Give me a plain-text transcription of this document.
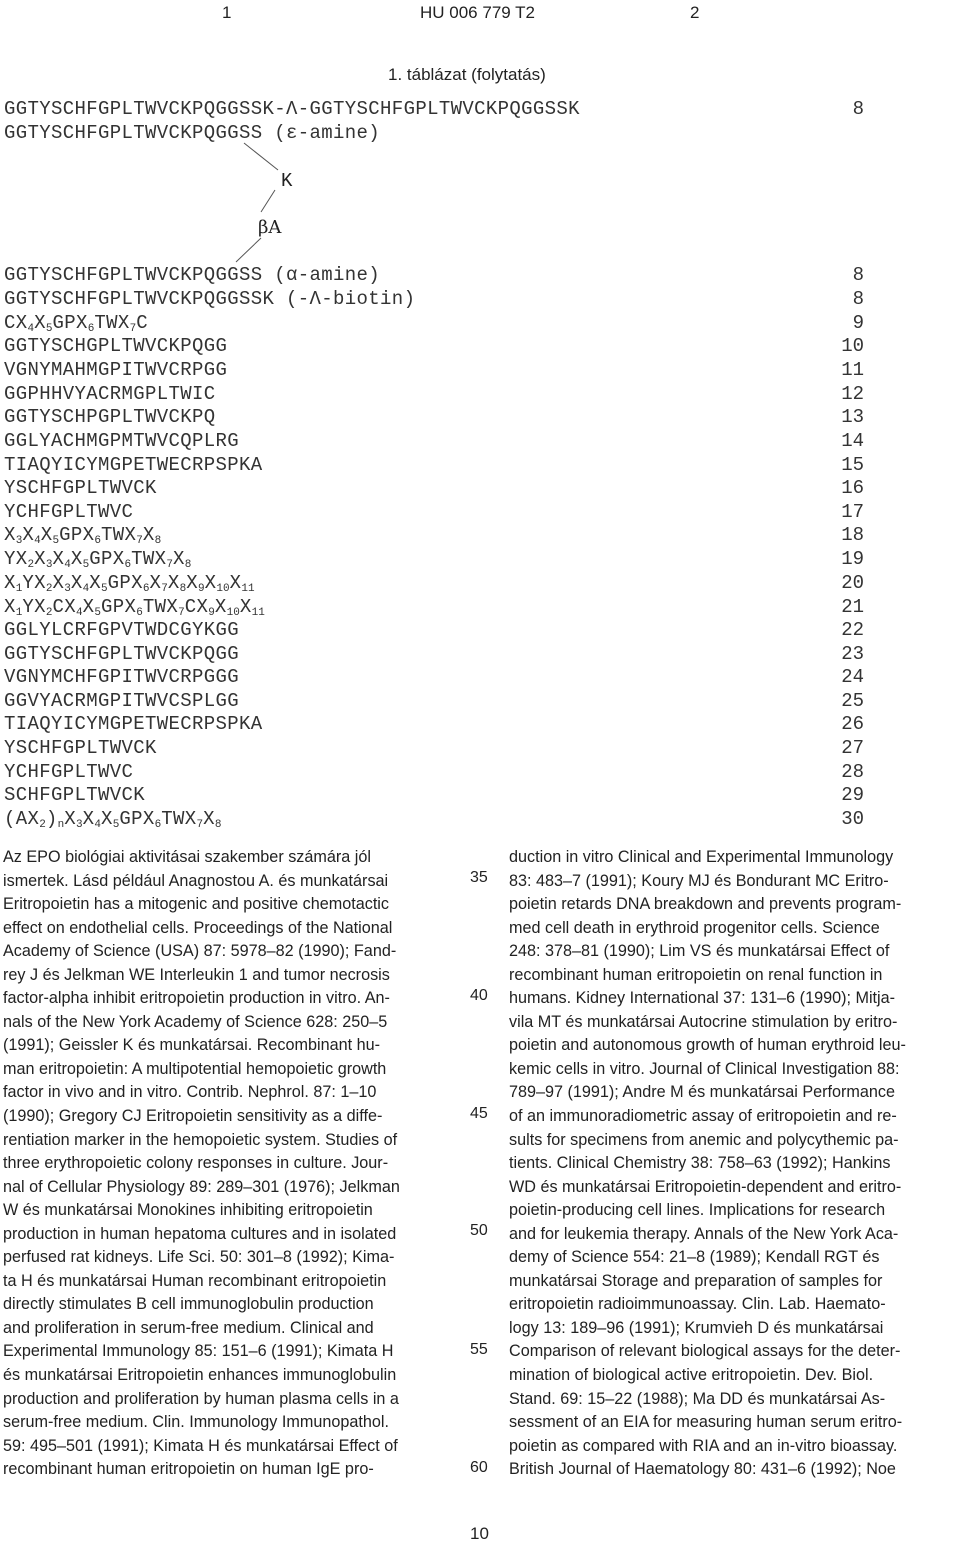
1	HU 006 779 T2	2
1. táblázat (folytatás)
GGTYSCHFGPLTWVCKPQGGSSK-Λ-GGTYSCHFGPLTWVCKPQGGSSK	8
GGTYSCHFGPLTWVCKPQGGSS (ε-amine)
K
βA
GGTYSCHFGPLTWVCKPQGGSS (α-amine)	8
GGTYSCHFGPLTWVCKPQGGSSK (-Λ-biotin)	8
$CX_4X_5GPX_6TWX_7C$	9
GGTYSCHGPLTWVCKPQGG	10
VGNYMAHMGPITWVCRPGG	11
GGPHHVYACRMGPLTWIC	12
GGTYSCHPGPLTWVCKPQ	13
GGLYACHMGPMTWVCQPLRG	14
TIAQYICYMGPETWECRPSPKA	15
YSCHFGPLTWVCK	16
YCHFGPLTWVC	17
$X_3X_4X_5GPX_6TWX_7X_8$	18
$YX_2X_3X_4X_5GPX_6TWX_7X_8$	19
$X_1YX_2X_3X_4X_5GPX_6X_7X_8X_9X_{10}X_{11}$	20
$X_1YX_2CX_4X_5GPX_6TWX_7CX_9X_{10}X_{11}$	21
GGLYLCRFGPVTWDCGYKGG	22
GGTYSCHFGPLTWVCKPQGG	23
VGNYMCHFGPITWVCRPGGG	24
GGVYACRMGPITWVCSPLGG	25
TIAQYICYMGPETWECRPSPKA	26
YSCHFGPLTWVCK	27
YCHFGPLTWVC	28
SCHFGPLTWVCK	29
$(AX_2)_nX_3X_4X_5GPX_6TWX_7X_8$	30

Az EPO biológiai aktivitásai szakember számára jól

ismertek. Lásd például Anagnostou A. és munkatársai

Eritropoietin has a mitogenic and positive chemotactic

effect on endothelial cells. Proceedings of the National

Academy of Science (USA) 87: 5978–82 (1990); Fand-

rey J és Jelkman WE Interleukin 1 and tumor necrosis

factor-alpha inhibit eritropoietin production in vitro. An-

nals of the New York Academy of Science 628: 250–5

(1991); Geissler K és munkatársai. Recombinant hu-

man eritropoietin: A multipotential hemopoietic growth

factor in vivo and in vitro. Contrib. Nephrol. 87: 1–10

(1990); Gregory CJ Eritropoietin sensitivity as a diffe-

rentiation marker in the hemopoietic system. Studies of

three erythropoietic colony responses in culture. Jour-

nal of Cellular Physiology 89: 289–301 (1976); Jelkman

W és munkatársai Monokines inhibiting eritropoietin

production in human hepatoma cultures and in isolated

perfused rat kidneys. Life Sci. 50: 301–8 (1992); Kima-

ta H és munkatársai Human recombinant eritropoietin

directly stimulates B cell immunoglobulin production

and proliferation in serum-free medium. Clinical and

Experimental Immunology 85: 151–6 (1991); Kimata H

és munkatársai Eritropoietin enhances immunoglobulin

production and proliferation by human plasma cells in a

serum-free medium. Clin. Immunology Immunopathol.

59: 495–501 (1991); Kimata H és munkatársai Effect of

recombinant human eritropoietin on human IgE pro-

duction in vitro Clinical and Experimental Immunology

83: 483–7 (1991); Koury MJ és Bondurant MC Eritro-

poietin retards DNA breakdown and prevents program-

med cell death in erythroid progenitor cells. Science

248: 378–81 (1990); Lim VS és munkatársai Effect of

recombinant human eritropoietin on renal function in

humans. Kidney International 37: 131–6 (1990); Mitja-

vila MT és munkatársai Autocrine stimulation by eritro-

poietin and autonomous growth of human erythroid leu-

kemic cells in vitro. Journal of Clinical Investigation 88:

789–97 (1991); Andre M és munkatársai Performance

of an immunoradiometric assay of eritropoietin and re-

sults for specimens from anemic and polycythemic pa-

tients. Clinical Chemistry 38: 758–63 (1992); Hankins

WD és munkatársai Eritropoietin-dependent and eritro-

poietin-producing cell lines. Implications for research

and for leukemia therapy. Annals of the New York Aca-

demy of Science 554: 21–8 (1989); Kendall RGT és

munkatársai Storage and preparation of samples for

eritropoietin radioimmunoassay. Clin. Lab. Haemato-

logy 13: 189–96 (1991); Krumvieh D és munkatársai

Comparison of relevant biological assays for the deter-

mination of biological active eritropoietin. Dev. Biol.

Stand. 69: 15–22 (1988); Ma DD és munkatársai As-

sessment of an EIA for measuring human serum eritro-

poietin as compared with RIA and an in-vitro bioassay.

British Journal of Haematology 80: 431–6 (1992); Noe

35
40
45
50
55
60
10
